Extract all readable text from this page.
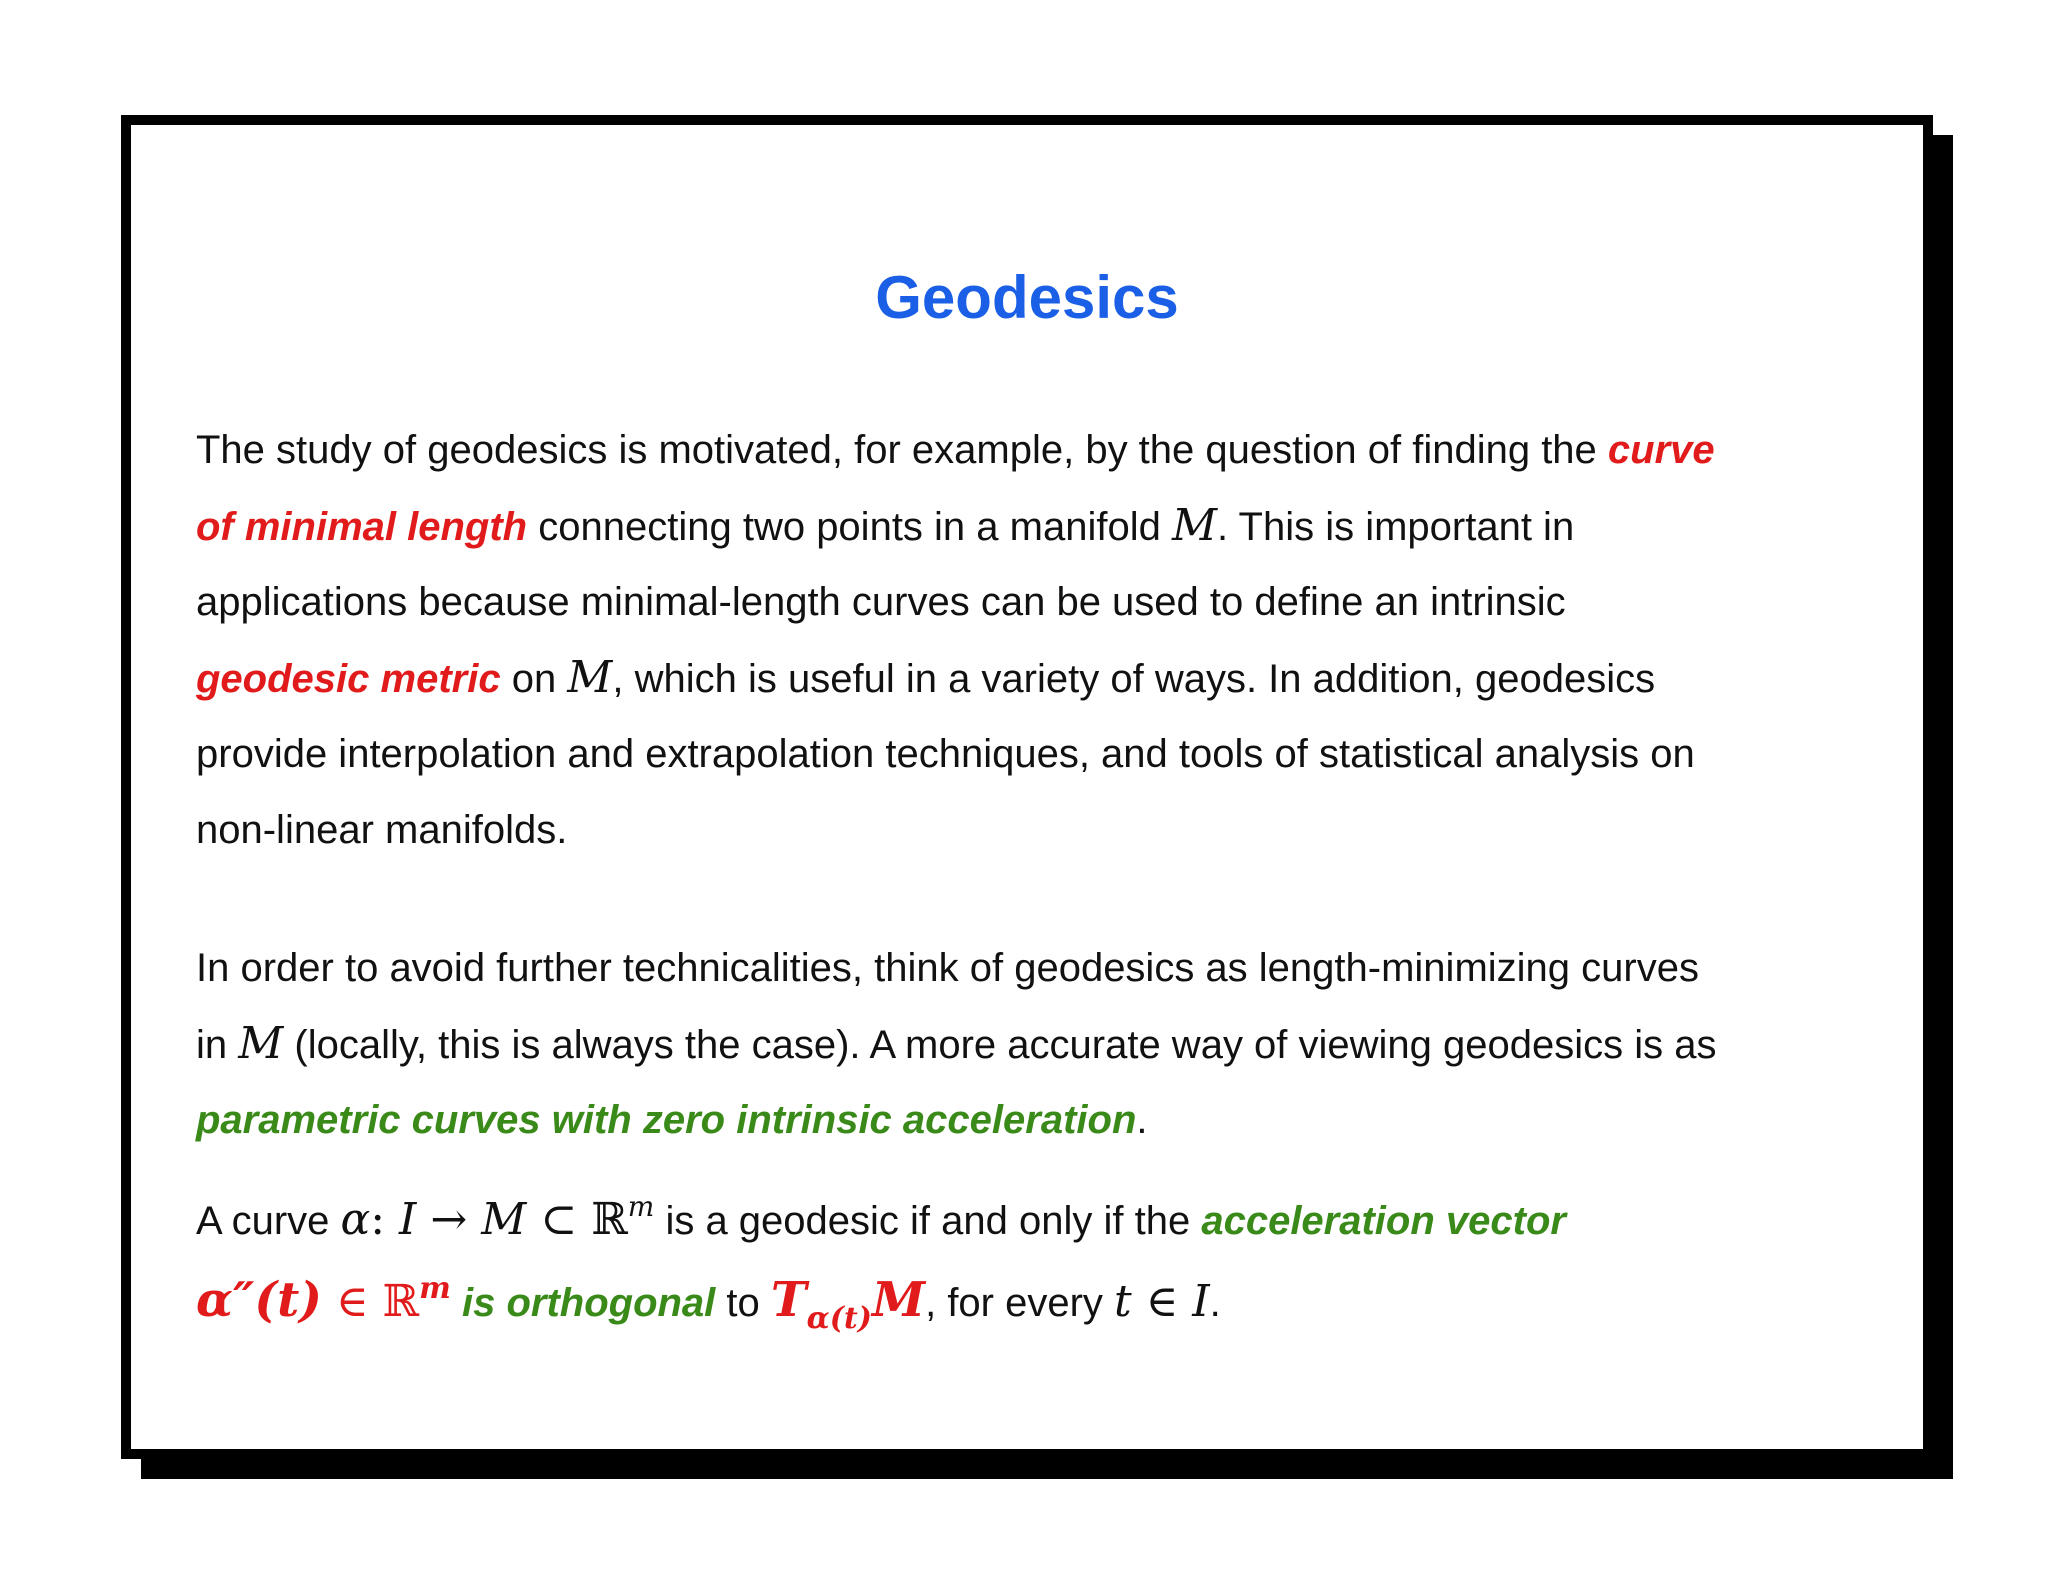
Geodesics

The study of geodesics is motivated, for example, by the question of finding the curve
of minimal length connecting two points in a manifold M. This is important in
applications because minimal-length curves can be used to define an intrinsic
geodesic metric on M, which is useful in a variety of ways. In addition, geodesics
provide interpolation and extrapolation techniques, and tools of statistical analysis on
non-linear manifolds.

In order to avoid further technicalities, think of geodesics as length-minimizing curves
in M (locally, this is always the case). A more accurate way of viewing geodesics is as
parametric curves with zero intrinsic acceleration.

A curve α: I → M ⊂ ℝ$^m$ is a geodesic if and only if the acceleration vector
α″(t) ∈ ℝ$^m$ is orthogonal to $T_{\alpha(t)}M$, for every t ∈ I.
